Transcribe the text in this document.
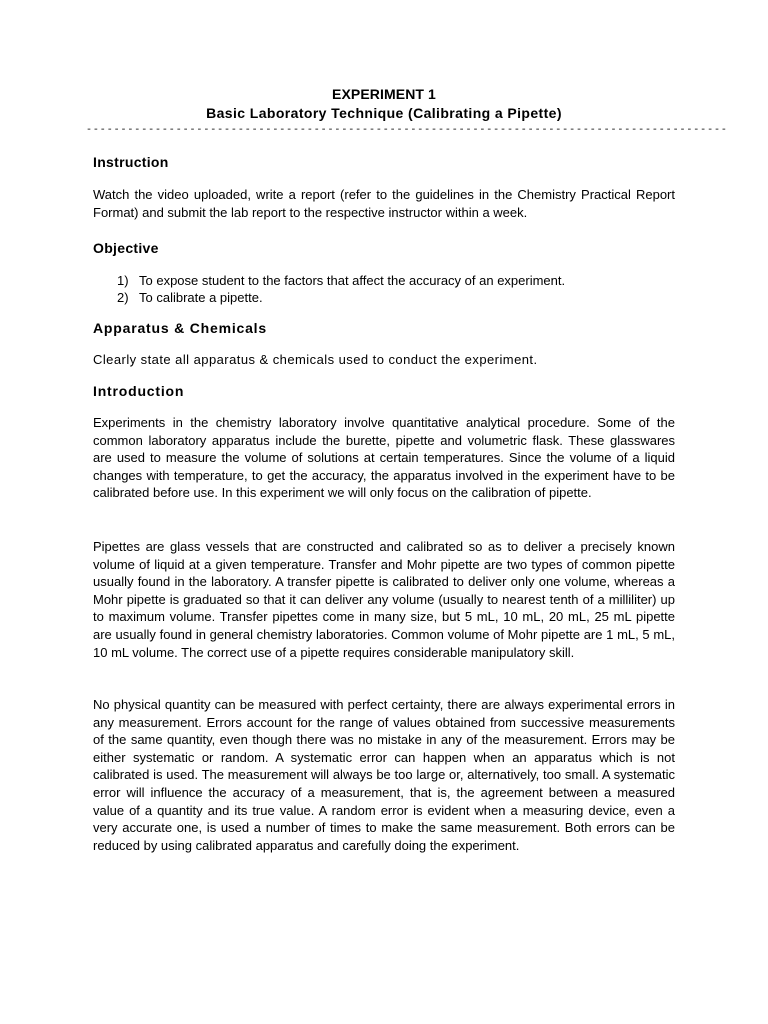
EXPERIMENT 1
Basic Laboratory Technique (Calibrating a Pipette)
---------------------------------------------------------------------------------------------
Instruction
Watch the video uploaded, write a report (refer to the guidelines in the Chemistry Practical Report Format) and submit the lab report to the respective instructor within a week.
Objective
1) To expose student to the factors that affect the accuracy of an experiment.
2) To calibrate a pipette.
Apparatus & Chemicals
Clearly state all apparatus & chemicals used to conduct the experiment.
Introduction
Experiments in the chemistry laboratory involve quantitative analytical procedure. Some of the common laboratory apparatus include the burette, pipette and volumetric flask. These glasswares are used to measure the volume of solutions at certain temperatures. Since the volume of a liquid changes with temperature, to get the accuracy, the apparatus involved in the experiment have to be calibrated before use. In this experiment we will only focus on the calibration of pipette.
Pipettes are glass vessels that are constructed and calibrated so as to deliver a precisely known volume of liquid at a given temperature. Transfer and Mohr pipette are two types of common pipette usually found in the laboratory. A transfer pipette is calibrated to deliver only one volume, whereas a Mohr pipette is graduated so that it can deliver any volume (usually to nearest tenth of a milliliter) up to maximum volume. Transfer pipettes come in many size, but 5 mL, 10 mL, 20 mL, 25 mL pipette are usually found in general chemistry laboratories. Common volume of Mohr pipette are 1 mL, 5 mL, 10 mL volume. The correct use of a pipette requires considerable manipulatory skill.
No physical quantity can be measured with perfect certainty, there are always experimental errors in any measurement. Errors account for the range of values obtained from successive measurements of the same quantity, even though there was no mistake in any of the measurement. Errors may be either systematic or random. A systematic error can happen when an apparatus which is not calibrated is used. The measurement will always be too large or, alternatively, too small. A systematic error will influence the accuracy of a measurement, that is, the agreement between a measured value of a quantity and its true value. A random error is evident when a measuring device, even a very accurate one, is used a number of times to make the same measurement. Both errors can be reduced by using calibrated apparatus and carefully doing the experiment.
